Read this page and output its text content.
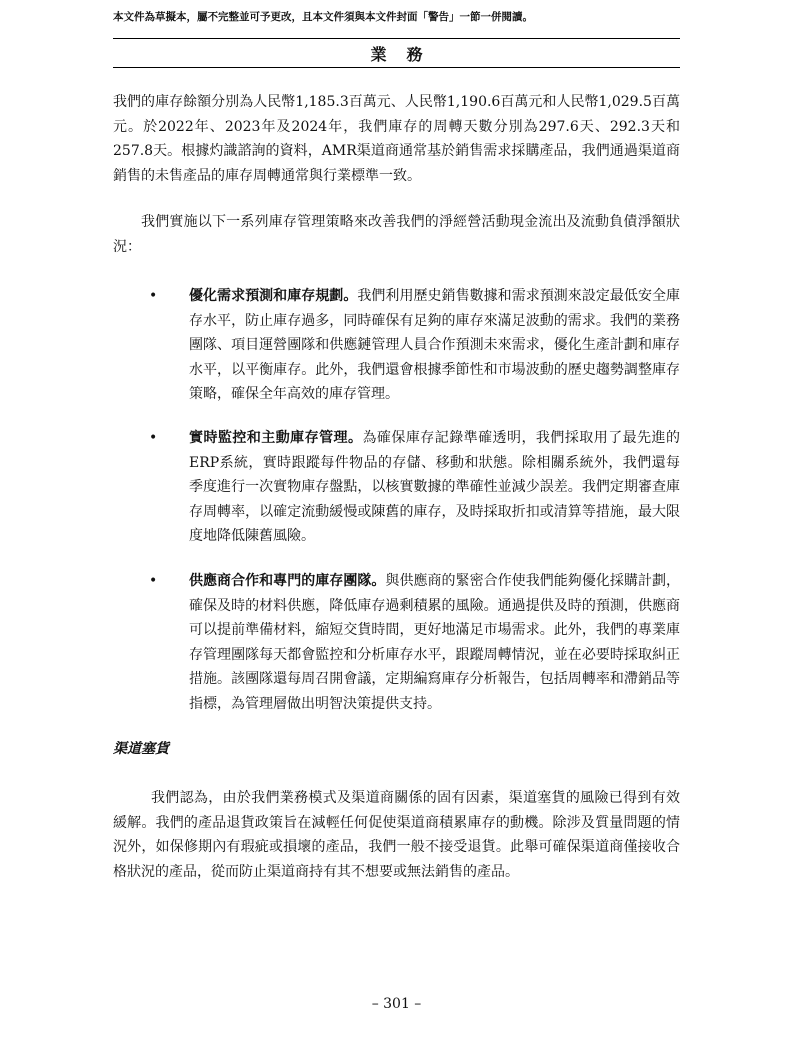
本文件為草擬本，屬不完整並可予更改，且本文件須與本文件封面「警告」一節一併閱讀。
業務
我們的庫存餘額分別為人民幣1,185.3百萬元、人民幣1,190.6百萬元和人民幣1,029.5百萬元。於2022年、2023年及2024年，我們庫存的周轉天數分別為297.6天、292.3天和257.8天。根據灼識諮詢的資料，AMR渠道商通常基於銷售需求採購產品，我們通過渠道商銷售的未售產品的庫存周轉通常與行業標準一致。
我們實施以下一系列庫存管理策略來改善我們的淨經營活動現金流出及流動負債淨額狀況：
• 優化需求預測和庫存規劃。我們利用歷史銷售數據和需求預測來設定最低安全庫存水平，防止庫存過多，同時確保有足夠的庫存來滿足波動的需求。我們的業務團隊、項目運營團隊和供應鏈管理人員合作預測未來需求，優化生產計劃和庫存水平，以平衡庫存。此外，我們還會根據季節性和市場波動的歷史趨勢調整庫存策略，確保全年高效的庫存管理。
• 實時監控和主動庫存管理。為確保庫存記錄準確透明，我們採取用了最先進的ERP系統，實時跟蹤每件物品的存儲、移動和狀態。除相關系統外，我們還每季度進行一次實物庫存盤點，以核實數據的準確性並減少誤差。我們定期審查庫存周轉率，以確定流動緩慢或陳舊的庫存，及時採取折扣或清算等措施，最大限度地降低陳舊風險。
• 供應商合作和專門的庫存團隊。與供應商的緊密合作使我們能夠優化採購計劃，確保及時的材料供應，降低庫存過剩積累的風險。通過提供及時的預測，供應商可以提前準備材料，縮短交貨時間，更好地滿足市場需求。此外，我們的專業庫存管理團隊每天都會監控和分析庫存水平，跟蹤周轉情況，並在必要時採取糾正措施。該團隊還每周召開會議，定期編寫庫存分析報告，包括周轉率和滯銷品等指標，為管理層做出明智決策提供支持。
渠道塞貨
我們認為，由於我們業務模式及渠道商關係的固有因素，渠道塞貨的風險已得到有效緩解。我們的產品退貨政策旨在減輕任何促使渠道商積累庫存的動機。除涉及質量問題的情況外，如保修期內有瑕疵或損壞的產品，我們一般不接受退貨。此舉可確保渠道商僅接收合格狀況的產品，從而防止渠道商持有其不想要或無法銷售的產品。
– 301 –
